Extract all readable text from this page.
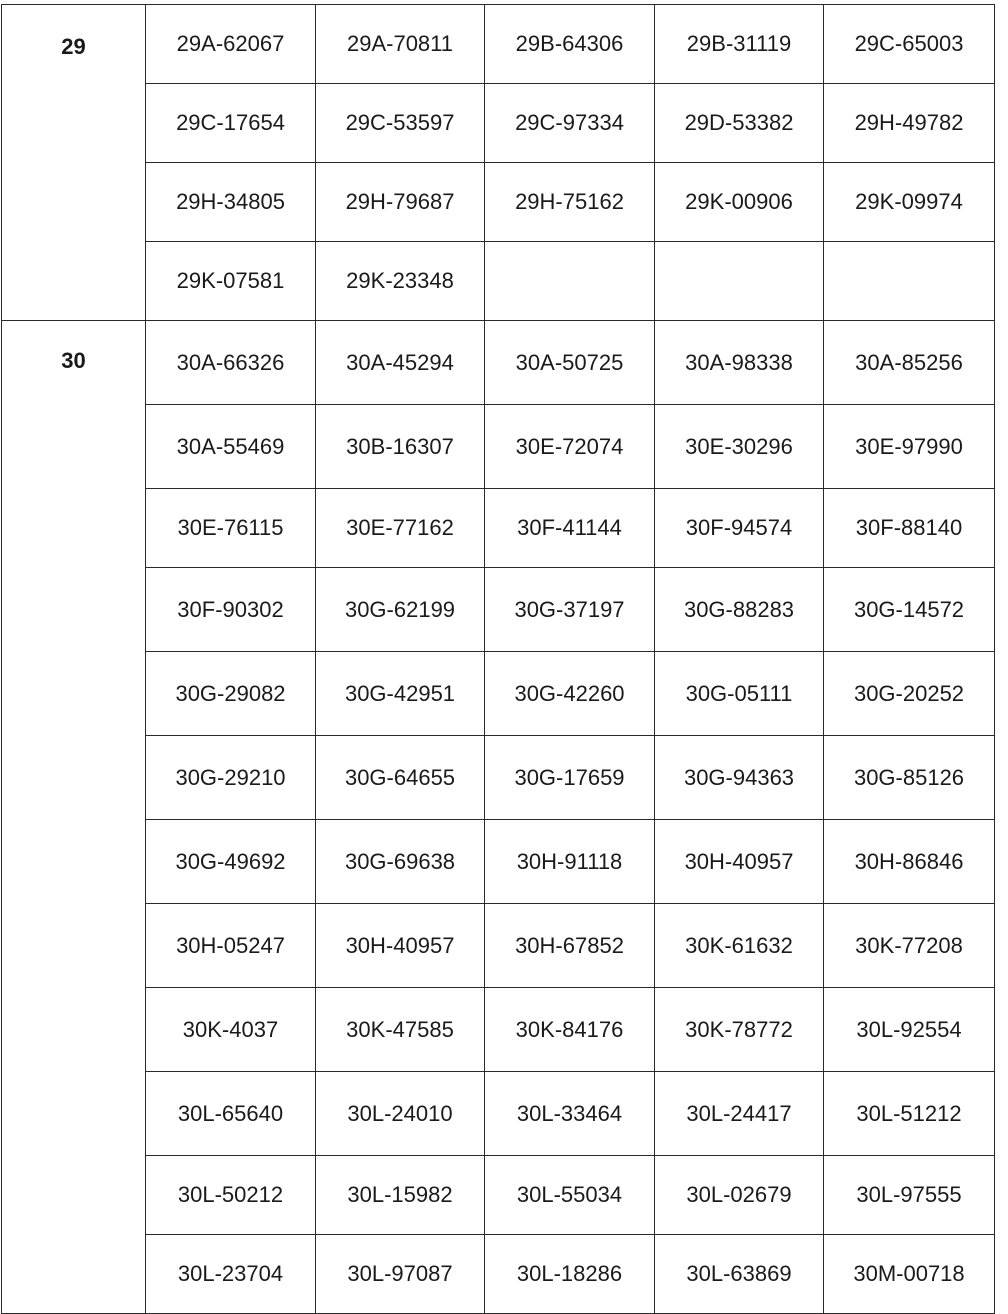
29	29A-62067	29A-70811	29B-64306	29B-31119	29C-65003
	29C-17654	29C-53597	29C-97334	29D-53382	29H-49782
	29H-34805	29H-79687	29H-75162	29K-00906	29K-09974
	29K-07581	29K-23348			

30	30A-66326	30A-45294	30A-50725	30A-98338	30A-85256
	30A-55469	30B-16307	30E-72074	30E-30296	30E-97990
	30E-76115	30E-77162	30F-41144	30F-94574	30F-88140
	30F-90302	30G-62199	30G-37197	30G-88283	30G-14572
	30G-29082	30G-42951	30G-42260	30G-05111	30G-20252
	30G-29210	30G-64655	30G-17659	30G-94363	30G-85126
	30G-49692	30G-69638	30H-91118	30H-40957	30H-86846
	30H-05247	30H-40957	30H-67852	30K-61632	30K-77208
	30K-4037	30K-47585	30K-84176	30K-78772	30L-92554
	30L-65640	30L-24010	30L-33464	30L-24417	30L-51212
	30L-50212	30L-15982	30L-55034	30L-02679	30L-97555
	30L-23704	30L-97087	30L-18286	30L-63869	30M-00718
